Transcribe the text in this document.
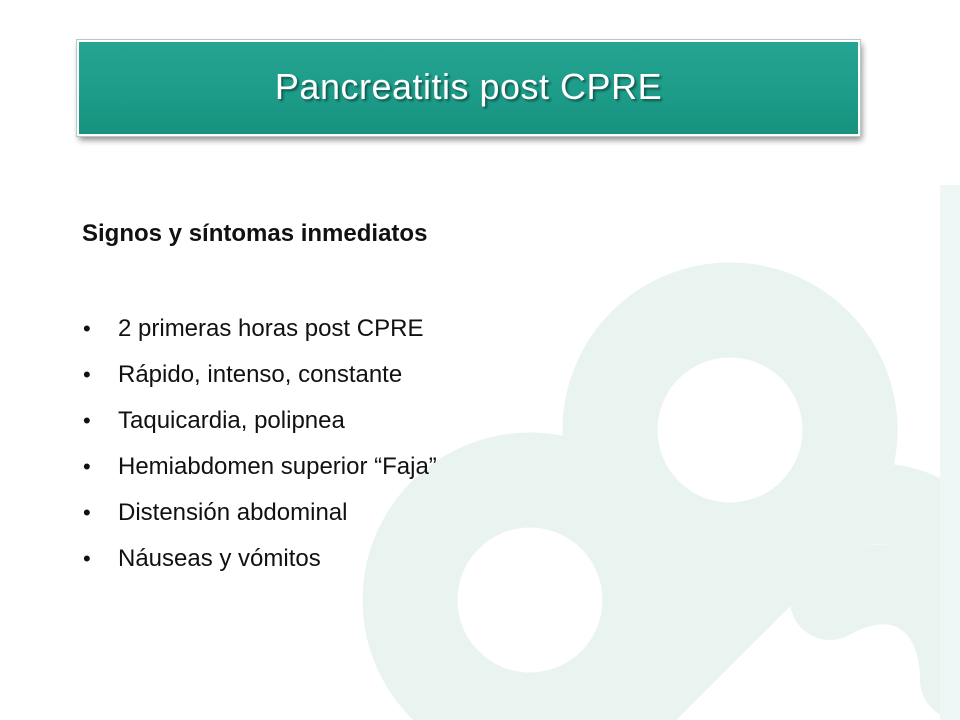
Pancreatitis post CPRE
Signos y síntomas inmediatos
• 2 primeras horas post CPRE
• Rápido, intenso, constante
• Taquicardia, polipnea
• Hemiabdomen superior “Faja”
• Distensión abdominal
• Náuseas y vómitos
